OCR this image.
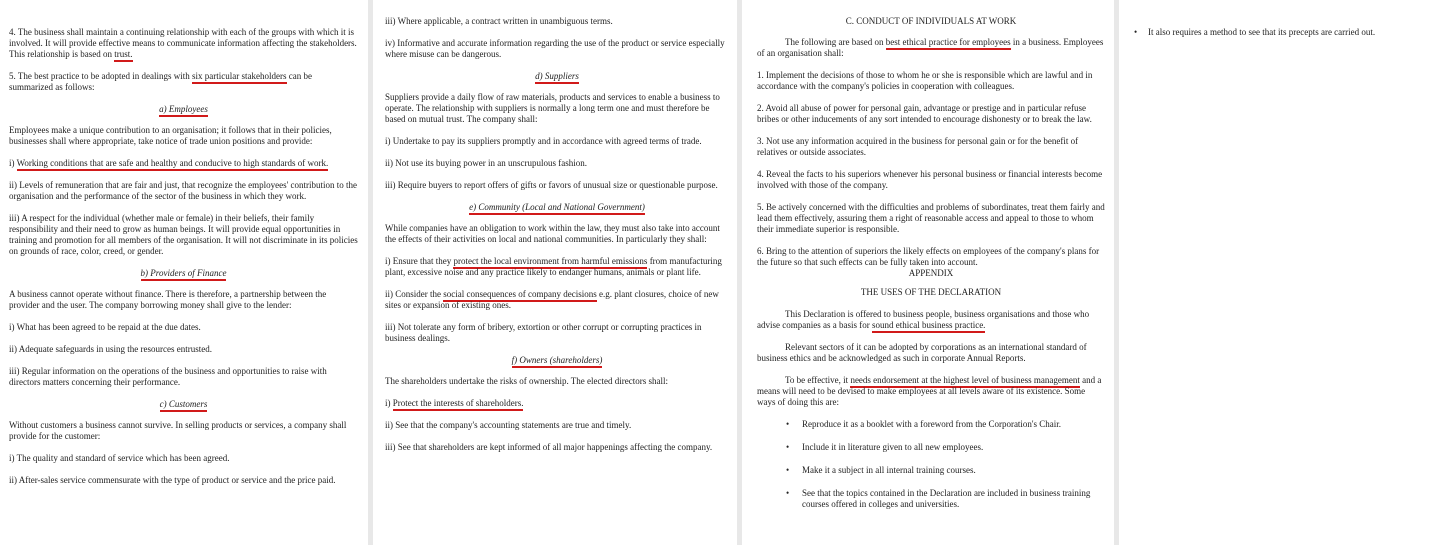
4. The business shall maintain a continuing relationship with each of the groups with which it is involved. It will provide effective means to communicate information affecting the stakeholders. This relationship is based on trust.

5. The best practice to be adopted in dealings with six particular stakeholders can be summarized as follows:

a) Employees

Employees make a unique contribution to an organisation; it follows that in their policies, businesses shall where appropriate, take notice of trade union positions and provide:

i) Working conditions that are safe and healthy and conducive to high standards of work.

ii) Levels of remuneration that are fair and just, that recognize the employees' contribution to the organisation and the performance of the sector of the business in which they work.

iii) A respect for the individual (whether male or female) in their beliefs, their family responsibility and their need to grow as human beings. It will provide equal opportunities in training and promotion for all members of the organisation. It will not discriminate in its policies on grounds of race, color, creed, or gender.

b) Providers of Finance

A business cannot operate without finance. There is therefore, a partnership between the provider and the user. The company borrowing money shall give to the lender:

i) What has been agreed to be repaid at the due dates.

ii) Adequate safeguards in using the resources entrusted.

iii) Regular information on the operations of the business and opportunities to raise with directors matters concerning their performance.

c) Customers

Without customers a business cannot survive. In selling products or services, a company shall provide for the customer:

i) The quality and standard of service which has been agreed.

ii) After-sales service commensurate with the type of product or service and the price paid.

iii) Where applicable, a contract written in unambiguous terms.

iv) Informative and accurate information regarding the use of the product or service especially where misuse can be dangerous.

d) Suppliers

Suppliers provide a daily flow of raw materials, products and services to enable a business to operate. The relationship with suppliers is normally a long term one and must therefore be based on mutual trust. The company shall:

i) Undertake to pay its suppliers promptly and in accordance with agreed terms of trade.

ii) Not use its buying power in an unscrupulous fashion.

iii) Require buyers to report offers of gifts or favors of unusual size or questionable purpose.

e) Community (Local and National Government)

While companies have an obligation to work within the law, they must also take into account the effects of their activities on local and national communities. In particularly they shall:

i) Ensure that they protect the local environment from harmful emissions from manufacturing plant, excessive noise and any practice likely to endanger humans, animals or plant life.

ii) Consider the social consequences of company decisions e.g. plant closures, choice of new sites or expansion of existing ones.

iii) Not tolerate any form of bribery, extortion or other corrupt or corrupting practices in business dealings.

f) Owners (shareholders)

The shareholders undertake the risks of ownership. The elected directors shall:

i) Protect the interests of shareholders.

ii) See that the company's accounting statements are true and timely.

iii) See that shareholders are kept informed of all major happenings affecting the company.

C. CONDUCT OF INDIVIDUALS AT WORK

The following are based on best ethical practice for employees in a business. Employees of an organisation shall:

1. Implement the decisions of those to whom he or she is responsible which are lawful and in accordance with the company's policies in cooperation with colleagues.

2. Avoid all abuse of power for personal gain, advantage or prestige and in particular refuse bribes or other inducements of any sort intended to encourage dishonesty or to break the law.

3. Not use any information acquired in the business for personal gain or for the benefit of relatives or outside associates.

4. Reveal the facts to his superiors whenever his personal business or financial interests become involved with those of the company.

5. Be actively concerned with the difficulties and problems of subordinates, treat them fairly and lead them effectively, assuring them a right of reasonable access and appeal to those to whom their immediate superior is responsible.

6. Bring to the attention of superiors the likely effects on employees of the company's plans for the future so that such effects can be fully taken into account.

APPENDIX

THE USES OF THE DECLARATION

This Declaration is offered to business people, business organisations and those who advise companies as a basis for sound ethical business practice.

Relevant sectors of it can be adopted by corporations as an international standard of business ethics and be acknowledged as such in corporate Annual Reports.

To be effective, it needs endorsement at the highest level of business management and a means will need to be devised to make employees at all levels aware of its existence. Some ways of doing this are:

• Reproduce it as a booklet with a foreword from the Corporation's Chair.
• Include it in literature given to all new employees.
• Make it a subject in all internal training courses.
• See that the topics contained in the Declaration are included in business training courses offered in colleges and universities.
• It also requires a method to see that its precepts are carried out.
